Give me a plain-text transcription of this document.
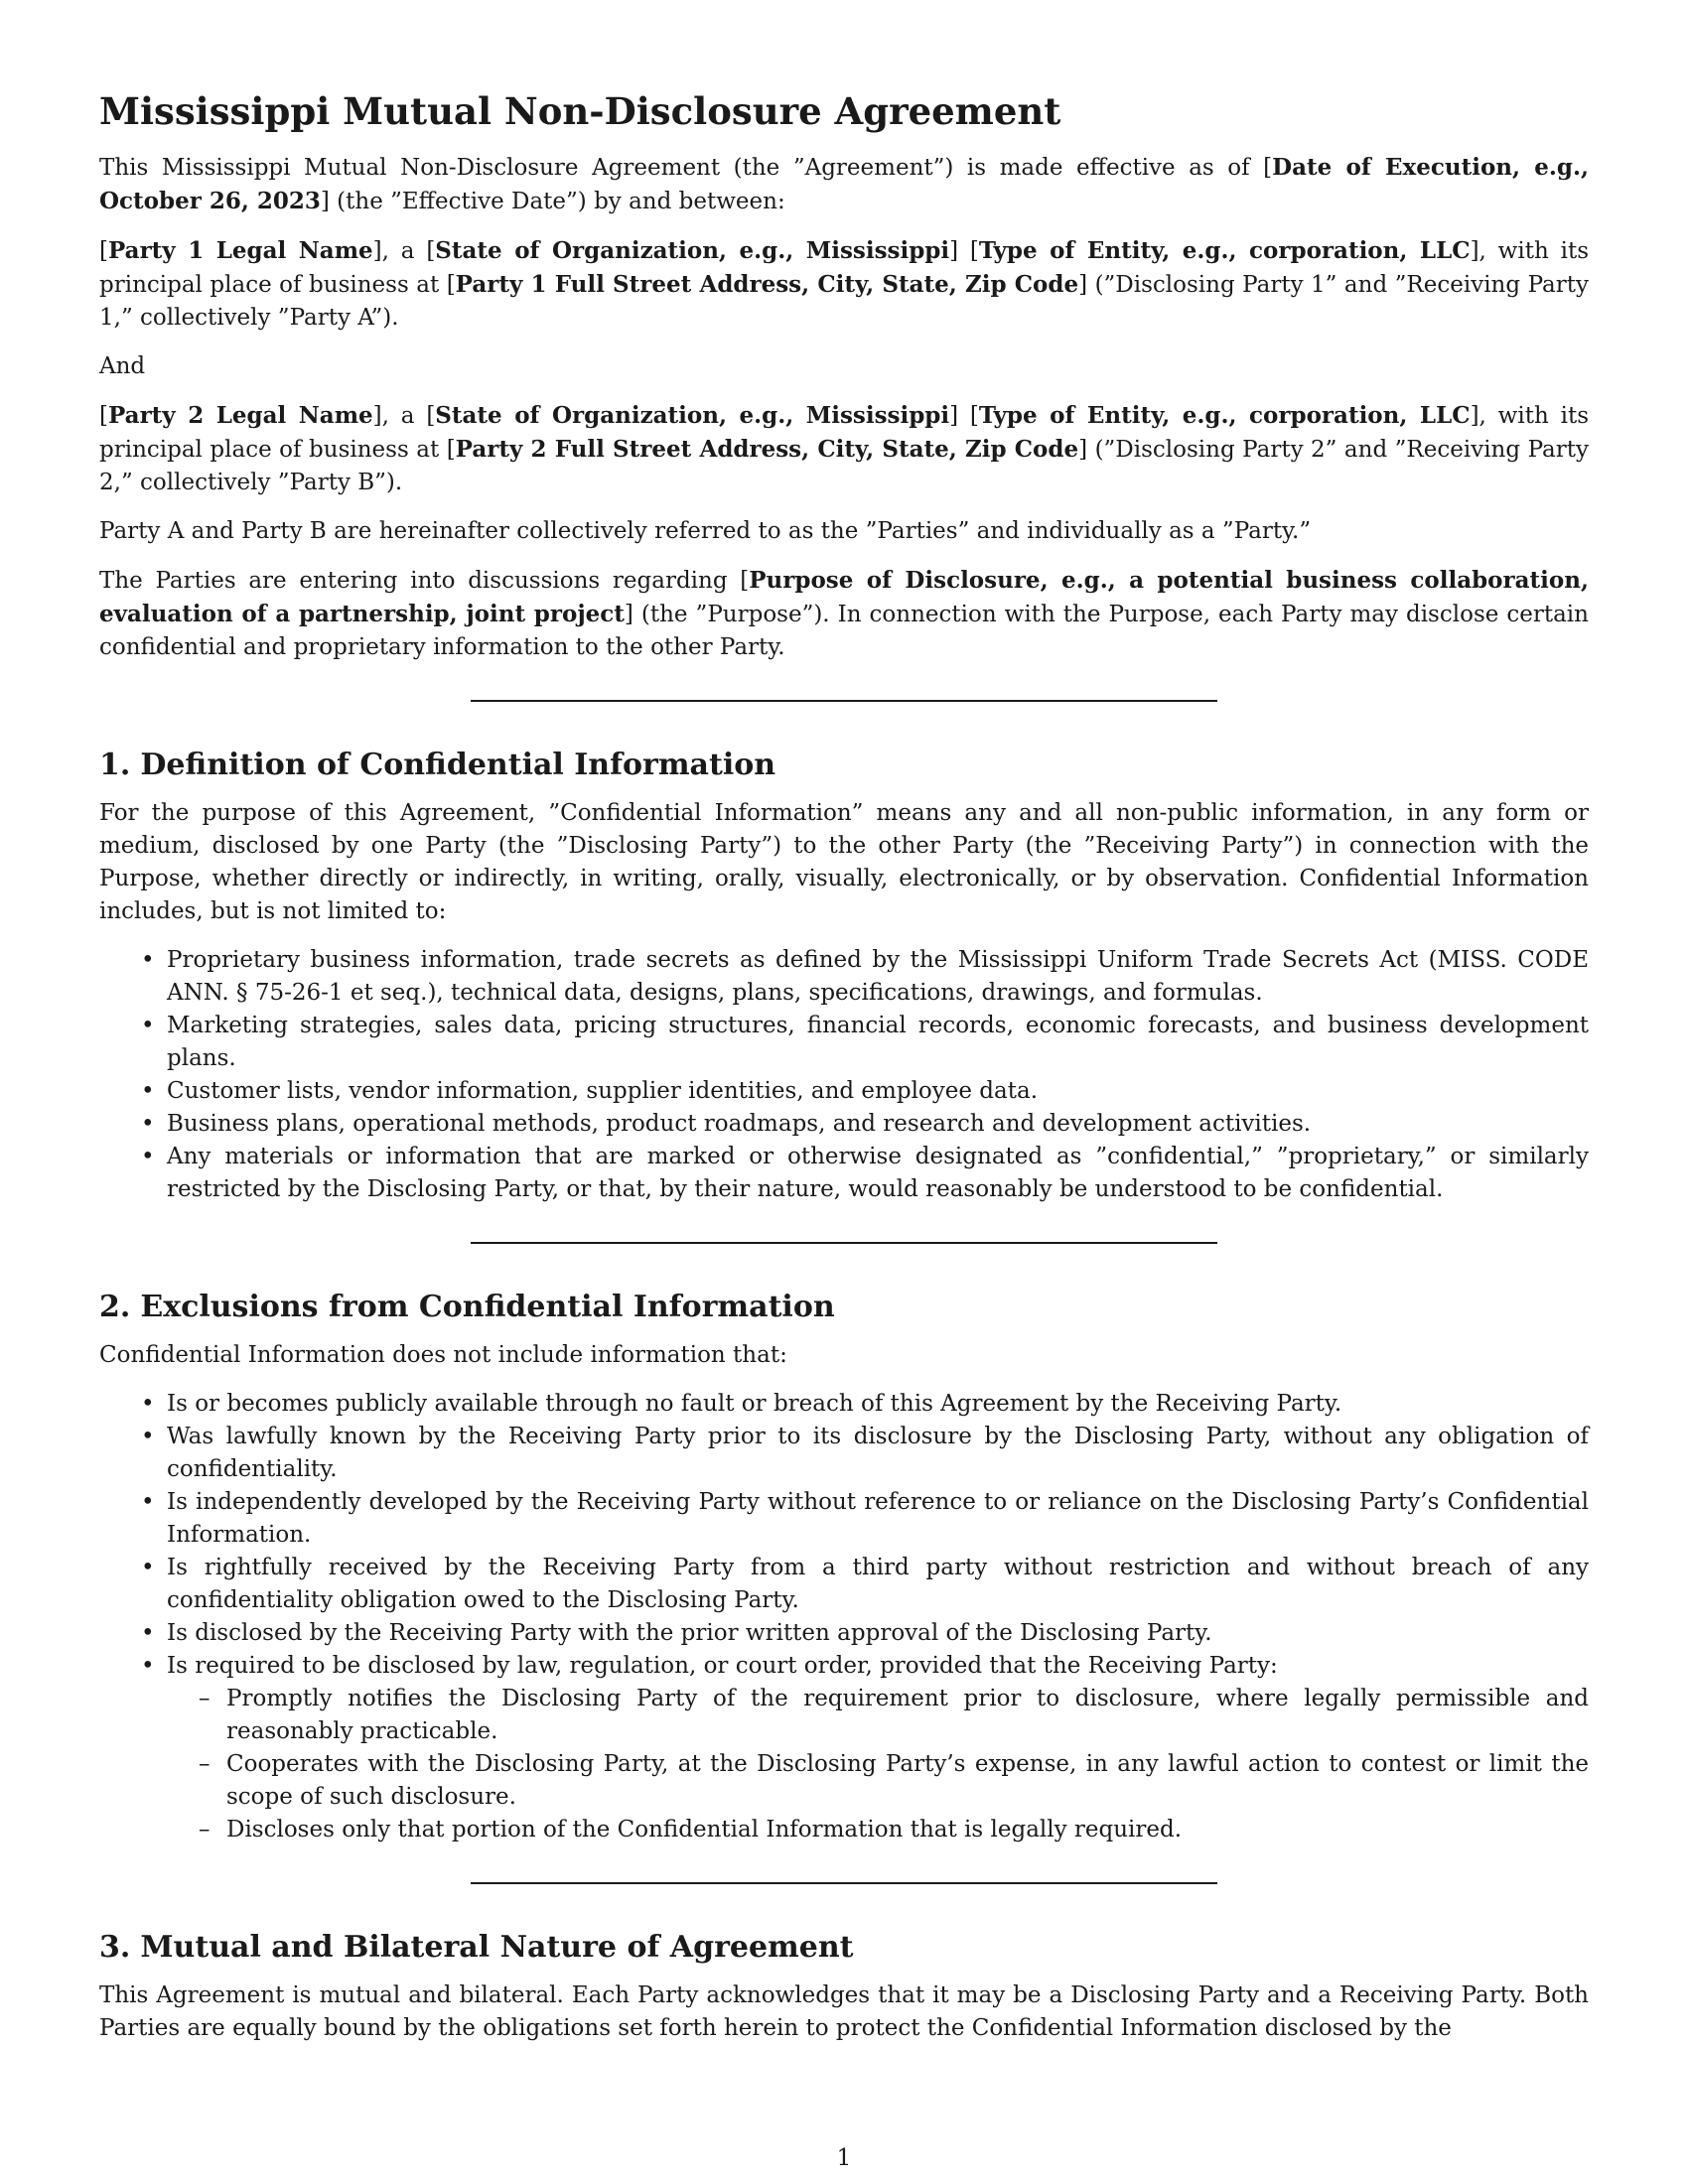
Mississippi Mutual Non-Disclosure Agreement

This Mississippi Mutual Non-Disclosure Agreement (the ”Agreement”) is made effective as of [Date of Execution, e.g., October 26, 2023] (the ”Effective Date”) by and between:

[Party 1 Legal Name], a [State of Organization, e.g., Mississippi] [Type of Entity, e.g., corporation, LLC], with its principal place of business at [Party 1 Full Street Address, City, State, Zip Code] (”Disclosing Party 1” and ”Receiving Party 1,” collectively ”Party A”).

And

[Party 2 Legal Name], a [State of Organization, e.g., Mississippi] [Type of Entity, e.g., corporation, LLC], with its principal place of business at [Party 2 Full Street Address, City, State, Zip Code] (”Disclosing Party 2” and ”Receiving Party 2,” collectively ”Party B”).

Party A and Party B are hereinafter collectively referred to as the ”Parties” and individually as a ”Party.”

The Parties are entering into discussions regarding [Purpose of Disclosure, e.g., a potential business collaboration, evaluation of a partnership, joint project] (the ”Purpose”). In connection with the Purpose, each Party may disclose certain confidential and proprietary information to the other Party.

1. Definition of Confidential Information

For the purpose of this Agreement, ”Confidential Information” means any and all non-public information, in any form or medium, disclosed by one Party (the ”Disclosing Party”) to the other Party (the ”Receiving Party”) in connection with the Purpose, whether directly or indirectly, in writing, orally, visually, electronically, or by observation. Confidential Information includes, but is not limited to:

• Proprietary business information, trade secrets as defined by the Mississippi Uniform Trade Secrets Act (MISS. CODE ANN. § 75-26-1 et seq.), technical data, designs, plans, specifications, drawings, and formulas.
• Marketing strategies, sales data, pricing structures, financial records, economic forecasts, and business development plans.
• Customer lists, vendor information, supplier identities, and employee data.
• Business plans, operational methods, product roadmaps, and research and development activities.
• Any materials or information that are marked or otherwise designated as ”confidential,” ”proprietary,” or similarly restricted by the Disclosing Party, or that, by their nature, would reasonably be understood to be confidential.
2. Exclusions from Confidential Information

Confidential Information does not include information that:

• Is or becomes publicly available through no fault or breach of this Agreement by the Receiving Party.
• Was lawfully known by the Receiving Party prior to its disclosure by the Disclosing Party, without any obligation of confidentiality.
• Is independently developed by the Receiving Party without reference to or reliance on the Disclosing Party’s Confidential Information.
• Is rightfully received by the Receiving Party from a third party without restriction and without breach of any confidentiality obligation owed to the Disclosing Party.
• Is disclosed by the Receiving Party with the prior written approval of the Disclosing Party.
• Is required to be disclosed by law, regulation, or court order, provided that the Receiving Party:
– Promptly notifies the Disclosing Party of the requirement prior to disclosure, where legally permissible and reasonably practicable.
– Cooperates with the Disclosing Party, at the Disclosing Party’s expense, in any lawful action to contest or limit the scope of such disclosure.
– Discloses only that portion of the Confidential Information that is legally required.
3. Mutual and Bilateral Nature of Agreement

This Agreement is mutual and bilateral. Each Party acknowledges that it may be a Disclosing Party and a Receiving Party. Both Parties are equally bound by the obligations set forth herein to protect the Confidential Information disclosed by the

1
